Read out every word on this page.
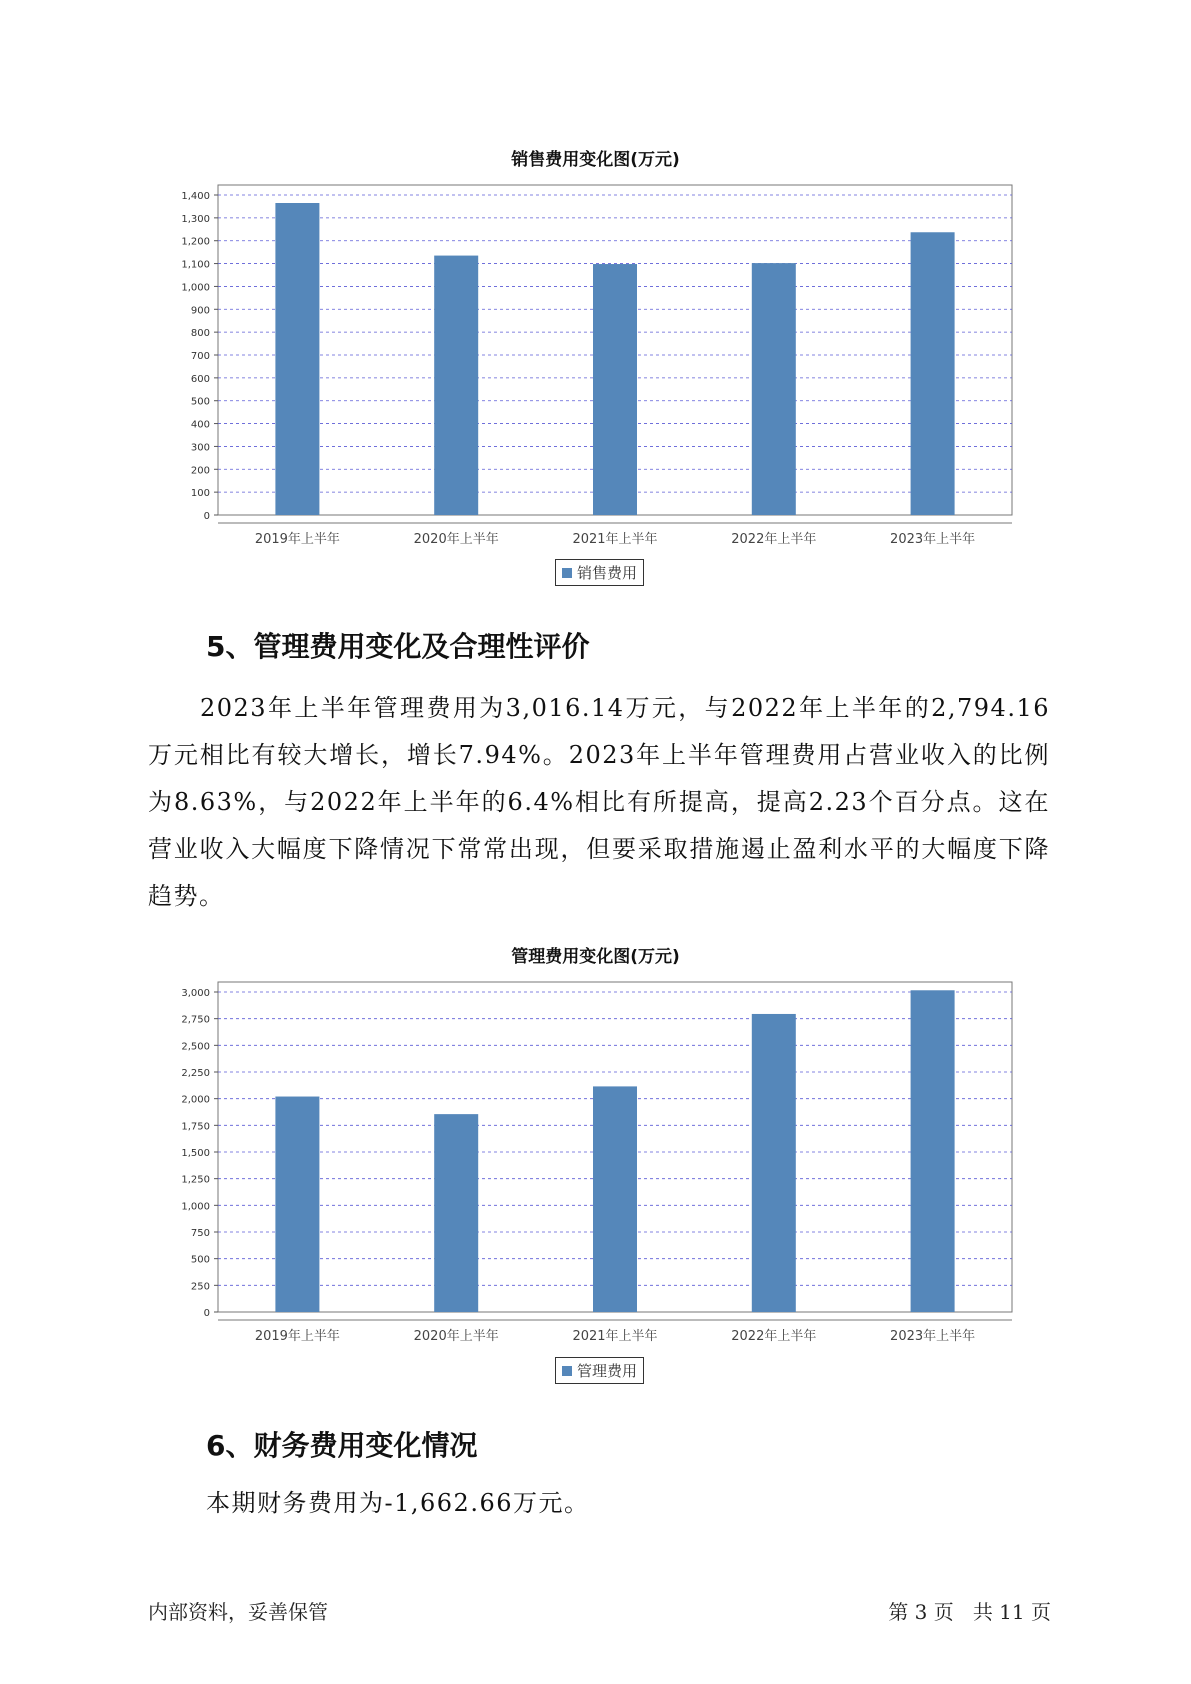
销售费用变化图(万元)
0
100
200
300
400
500
600
700
800
900
1,000
1,100
1,200
1,300
1,400
2019年上半年	2020年上半年	2021年上半年	2022年上半年	2023年上半年
销售费用
5、管理费用变化及合理性评价

2023年上半年管理费用为3,016.14万元，与2022年上半年的2,794.16万元相比有较大增长，增长7.94%。2023年上半年管理费用占营业收入的比例为8.63%，与2022年上半年的6.4%相比有所提高，提高2.23个百分点。这在营业收入大幅度下降情况下常常出现，但要采取措施遏止盈利水平的大幅度下降趋势。

管理费用变化图(万元)
0
250
500
750
1,000
1,250
1,500
1,750
2,000
2,250
2,500
2,750
3,000
2019年上半年	2020年上半年	2021年上半年	2022年上半年	2023年上半年
管理费用
6、财务费用变化情况

本期财务费用为-1,662.66万元。

内部资料，妥善保管	第 3 页   共 11 页
